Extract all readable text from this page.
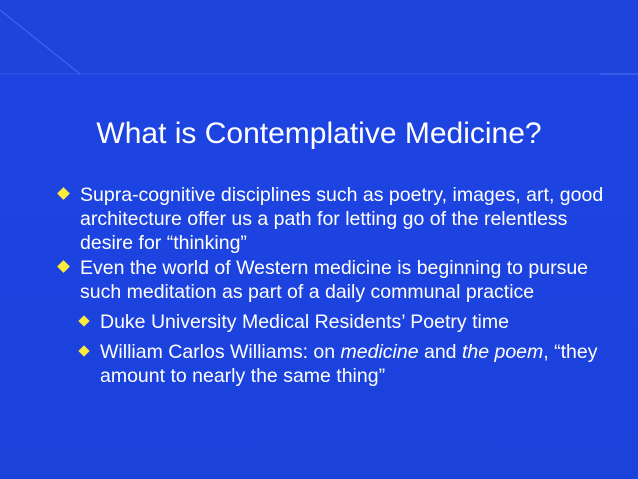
What is Contemplative Medicine?
Supra-cognitive disciplines such as poetry, images, art, good architecture offer us a path for letting go of the relentless desire for “thinking”
Even the world of Western medicine is beginning to pursue such meditation as part of a daily communal practice
Duke University Medical Residents’ Poetry time
William Carlos Williams: on medicine and the poem, “they amount to nearly the same thing”
